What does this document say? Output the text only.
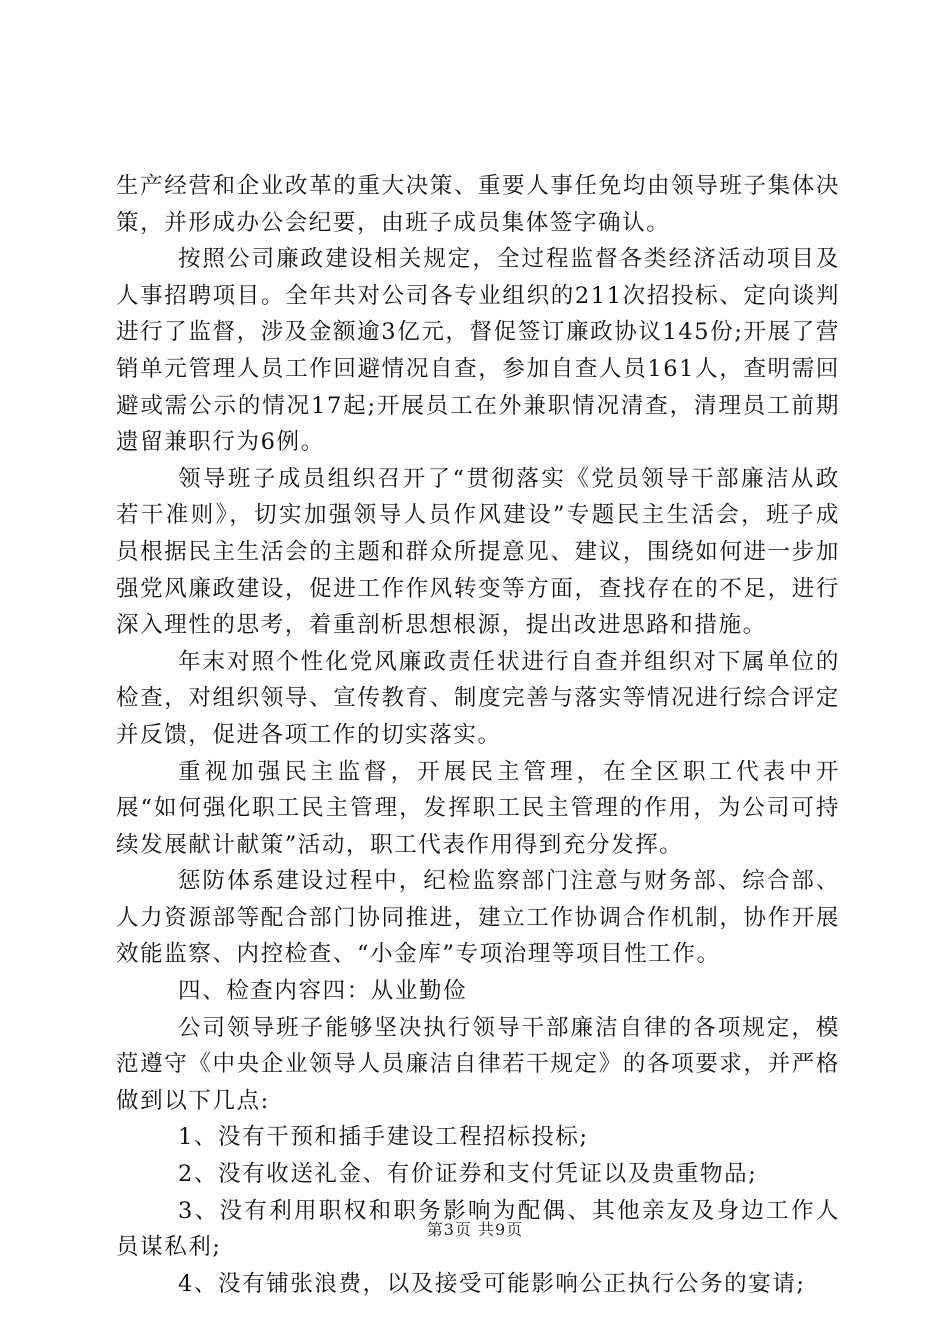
生产经营和企业改革的重大决策、重要人事任免均由领导班子集体决策，并形成办公会纪要，由班子成员集体签字确认。

按照公司廉政建设相关规定，全过程监督各类经济活动项目及人事招聘项目。全年共对公司各专业组织的211次招投标、定向谈判进行了监督，涉及金额逾3亿元，督促签订廉政协议145份;开展了营销单元管理人员工作回避情况自查，参加自查人员161人，查明需回避或需公示的情况17起;开展员工在外兼职情况清查，清理员工前期遗留兼职行为6例。

领导班子成员组织召开了“贯彻落实《党员领导干部廉洁从政若干准则》，切实加强领导人员作风建设”专题民主生活会，班子成员根据民主生活会的主题和群众所提意见、建议，围绕如何进一步加强党风廉政建设，促进工作作风转变等方面，查找存在的不足，进行深入理性的思考，着重剖析思想根源，提出改进思路和措施。

年末对照个性化党风廉政责任状进行自查并组织对下属单位的检查，对组织领导、宣传教育、制度完善与落实等情况进行综合评定并反馈，促进各项工作的切实落实。

重视加强民主监督，开展民主管理，在全区职工代表中开展“如何强化职工民主管理，发挥职工民主管理的作用，为公司可持续发展献计献策”活动，职工代表作用得到充分发挥。

惩防体系建设过程中，纪检监察部门注意与财务部、综合部、人力资源部等配合部门协同推进，建立工作协调合作机制，协作开展效能监察、内控检查、“小金库”专项治理等项目性工作。

四、检查内容四：从业勤俭

公司领导班子能够坚决执行领导干部廉洁自律的各项规定，模范遵守《中央企业领导人员廉洁自律若干规定》的各项要求，并严格做到以下几点:

1、没有干预和插手建设工程招标投标;

2、没有收送礼金、有价证券和支付凭证以及贵重物品;

3、没有利用职权和职务影响为配偶、其他亲友及身边工作人员谋私利;

4、没有铺张浪费，以及接受可能影响公正执行公务的宴请;

第3页 共9页
